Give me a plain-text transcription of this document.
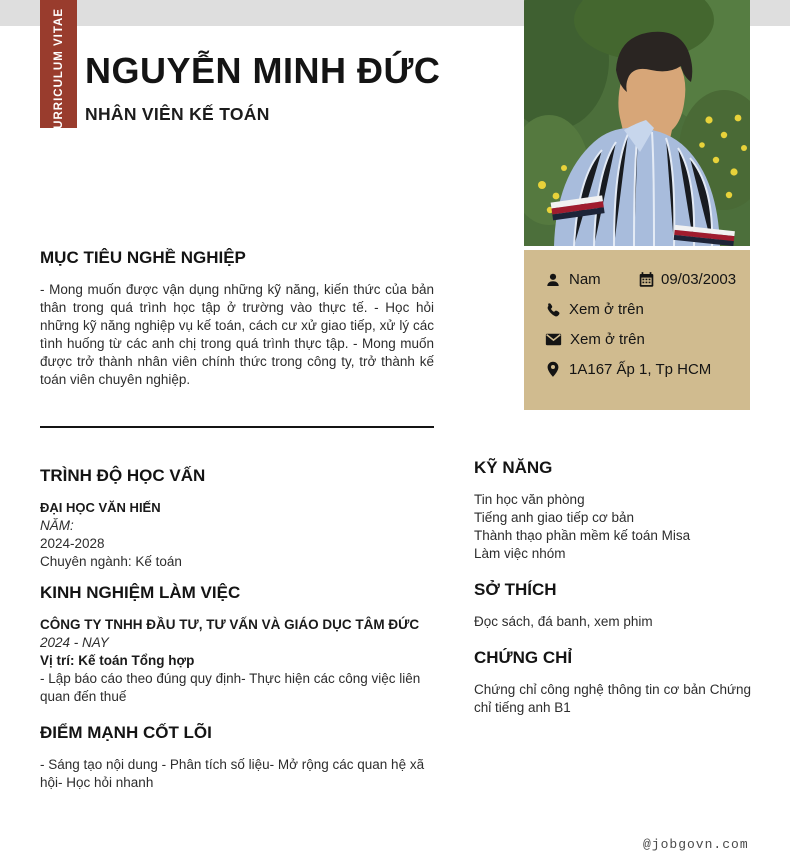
CURRICULUM VITAE NGUYỄN MINH ĐỨC
NHÂN VIÊN KẾ TOÁN
Nam	09/03/2003
Xem ở trên
Xem ở trên
1A167 Ấp 1, Tp HCM
MỤC TIÊU NGHỀ NGHIỆP
- Mong muốn được vận dụng những kỹ năng, kiến thức của bản thân trong quá trình học tập ở trường vào thực tế. - Học hỏi những kỹ năng nghiệp vụ kế toán, cách cư xử giao tiếp, xử lý các tình huống từ các anh chị trong quá trình thực tập. - Mong muốn được trở thành nhân viên chính thức trong công ty, trở thành kế toán viên chuyên nghiệp.
TRÌNH ĐỘ HỌC VẤN
ĐẠI HỌC VĂN HIẾN
NĂM:
2024-2028
Chuyên ngành: Kế toán
KINH NGHIỆM LÀM VIỆC
CÔNG TY TNHH ĐẦU TƯ, TƯ VẤN VÀ GIÁO DỤC TÂM ĐỨC
2024 - NAY
Vị trí: Kế toán Tổng hợp
- Lập báo cáo theo đúng quy định- Thực hiện các công việc liên quan đến thuế
ĐIỂM MẠNH CỐT LÕI
- Sáng tạo nội dung - Phân tích số liệu- Mở rộng các quan hệ xã hội- Học hỏi nhanh
KỸ NĂNG
Tin học văn phòng
Tiếng anh giao tiếp cơ bản
Thành thạo phần mềm kế toán Misa
Làm việc nhóm
SỞ THÍCH
Đọc sách, đá banh, xem phim
CHỨNG CHỈ
Chứng chỉ công nghệ thông tin cơ bản Chứng chỉ tiếng anh B1
@jobgovn.com
